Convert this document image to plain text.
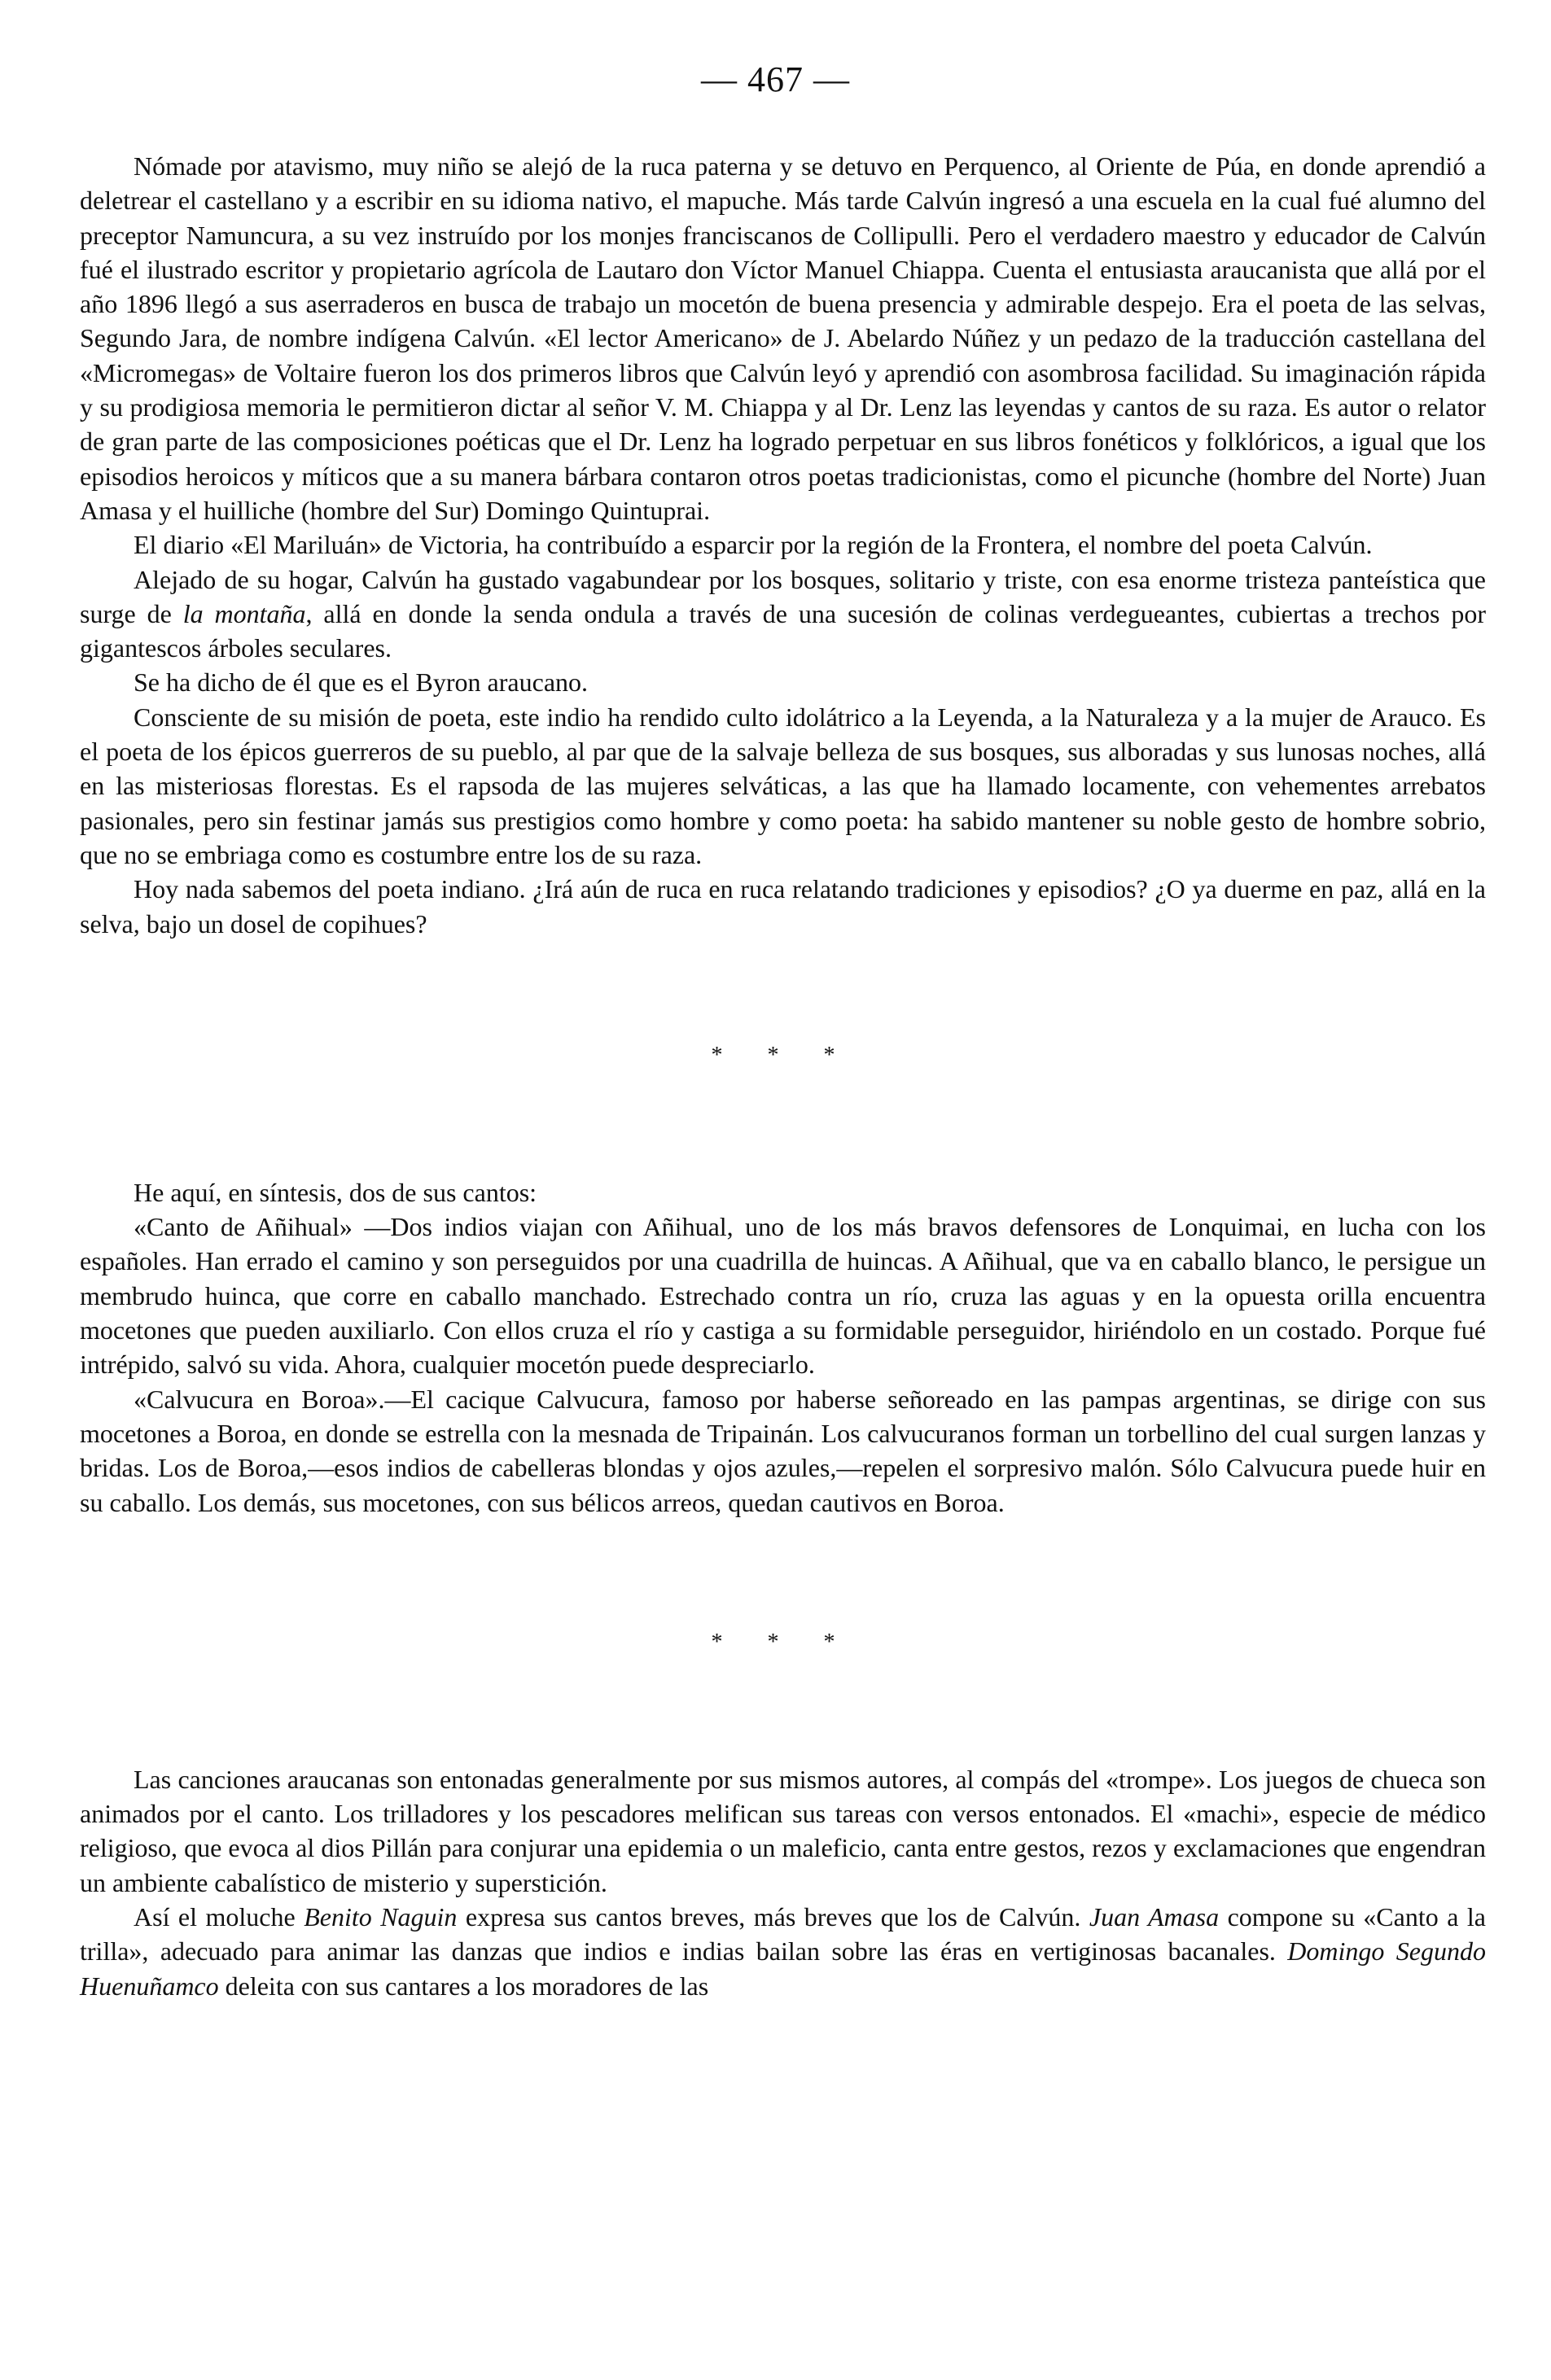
— 467 —

Nómade por atavismo, muy niño se alejó de la ruca paterna y se detuvo en Perquenco, al Oriente de Púa, en donde aprendió a deletrear el castellano y a escribir en su idioma nativo, el mapuche. Más tarde Calvún ingresó a una escuela en la cual fué alumno del preceptor Namuncura, a su vez instruído por los monjes franciscanos de Collipulli. Pero el verdadero maestro y educador de Calvún fué el ilustrado escritor y propietario agrícola de Lautaro don Víctor Manuel Chiappa. Cuenta el entusiasta araucanista que allá por el año 1896 llegó a sus aserraderos en busca de trabajo un mocetón de buena presencia y admirable despejo. Era el poeta de las selvas, Segundo Jara, de nombre indígena Calvún. «El lector Americano» de J. Abelardo Núñez y un pedazo de la traducción castellana del «Micromegas» de Voltaire fueron los dos primeros libros que Calvún leyó y aprendió con asombrosa facilidad. Su imaginación rápida y su prodigiosa memoria le permitieron dictar al señor V. M. Chiappa y al Dr. Lenz las leyendas y cantos de su raza. Es autor o relator de gran parte de las composiciones poéticas que el Dr. Lenz ha logrado perpetuar en sus libros fonéticos y folklóricos, a igual que los episodios heroicos y míticos que a su manera bárbara contaron otros poetas tradicionistas, como el picunche (hombre del Norte) Juan Amasa y el huilliche (hombre del Sur) Domingo Quintuprai.

El diario «El Mariluán» de Victoria, ha contribuído a esparcir por la región de la Frontera, el nombre del poeta Calvún.

Alejado de su hogar, Calvún ha gustado vagabundear por los bosques, solitario y triste, con esa enorme tristeza panteística que surge de la montaña, allá en donde la senda ondula a través de una sucesión de colinas verdegueantes, cubiertas a trechos por gigantescos árboles seculares.

Se ha dicho de él que es el Byron araucano.

Consciente de su misión de poeta, este indio ha rendido culto idolátrico a la Leyenda, a la Naturaleza y a la mujer de Arauco. Es el poeta de los épicos guerreros de su pueblo, al par que de la salvaje belleza de sus bosques, sus alboradas y sus lunosas noches, allá en las misteriosas florestas. Es el rapsoda de las mujeres selváticas, a las que ha llamado locamente, con vehementes arrebatos pasionales, pero sin festinar jamás sus prestigios como hombre y como poeta: ha sabido mantener su noble gesto de hombre sobrio, que no se embriaga como es costumbre entre los de su raza.

Hoy nada sabemos del poeta indiano. ¿Irá aún de ruca en ruca relatando tradiciones y episodios? ¿O ya duerme en paz, allá en la selva, bajo un dosel de copihues?

* * *

He aquí, en síntesis, dos de sus cantos:

«Canto de Añihual» —Dos indios viajan con Añihual, uno de los más bravos defensores de Lonquimai, en lucha con los españoles. Han errado el camino y son perseguidos por una cuadrilla de huincas. A Añihual, que va en caballo blanco, le persigue un membrudo huinca, que corre en caballo manchado. Estrechado contra un río, cruza las aguas y en la opuesta orilla encuentra mocetones que pueden auxiliarlo. Con ellos cruza el río y castiga a su formidable perseguidor, hiriéndolo en un costado. Porque fué intrépido, salvó su vida. Ahora, cualquier mocetón puede despreciarlo.

«Calvucura en Boroa».—El cacique Calvucura, famoso por haberse señoreado en las pampas argentinas, se dirige con sus mocetones a Boroa, en donde se estrella con la mesnada de Tripainán. Los calvucuranos forman un torbellino del cual surgen lanzas y bridas. Los de Boroa,—esos indios de cabelleras blondas y ojos azules,—repelen el sorpresivo malón. Sólo Calvucura puede huir en su caballo. Los demás, sus mocetones, con sus bélicos arreos, quedan cautivos en Boroa.

* * *

Las canciones araucanas son entonadas generalmente por sus mismos autores, al compás del «trompe». Los juegos de chueca son animados por el canto. Los trilladores y los pescadores melifican sus tareas con versos entonados. El «machi», especie de médico religioso, que evoca al dios Pillán para conjurar una epidemia o un maleficio, canta entre gestos, rezos y exclamaciones que engendran un ambiente cabalístico de misterio y superstición.

Así el moluche Benito Naguin expresa sus cantos breves, más breves que los de Calvún. Juan Amasa compone su «Canto a la trilla», adecuado para animar las danzas que indios e indias bailan sobre las éras en vertiginosas bacanales. Domingo Segundo Huenuñamco deleita con sus cantares a los moradores de las
